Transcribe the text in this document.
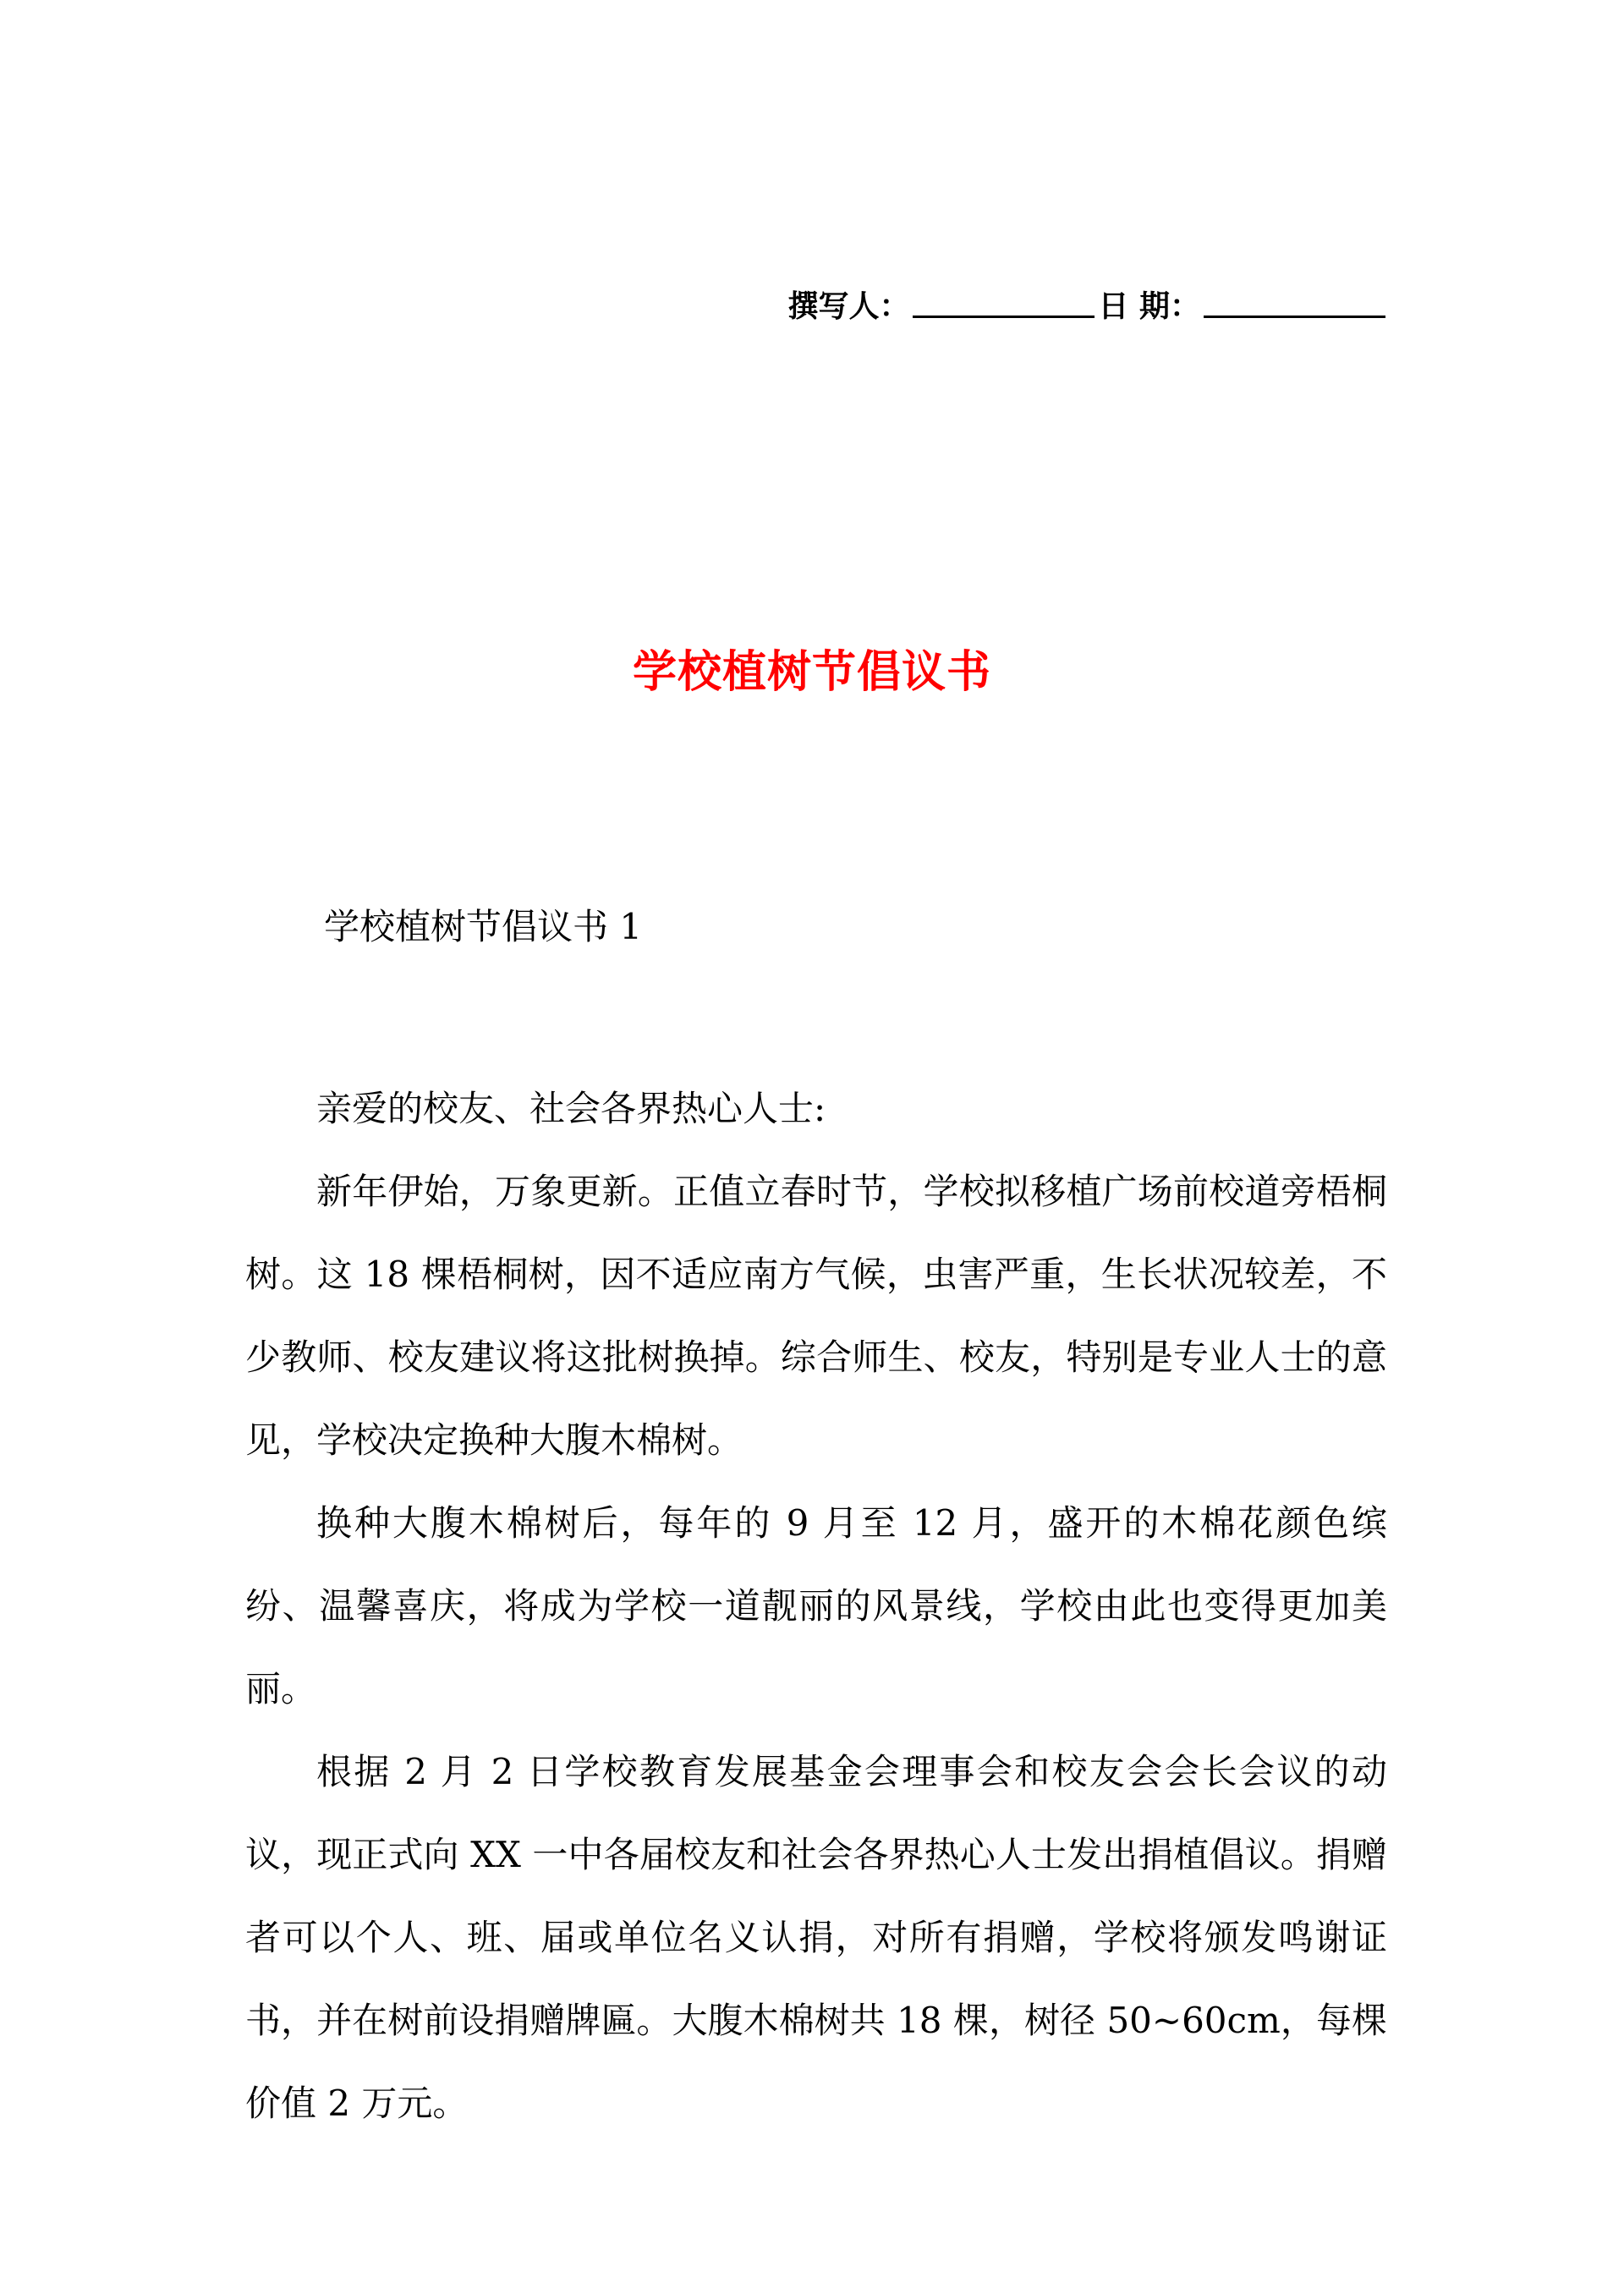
撰写人：	日 期：
学校植树节倡议书
学校植树节倡议书 1

亲爱的校友、社会各界热心人士:

新年伊始，万象更新。正值立春时节，学校拟移植广场前校道旁梧桐树。这 18 棵梧桐树，因不适应南方气候，虫害严重，生长状况较差，不少教师、校友建议将这批树换掉。综合师生、校友，特别是专业人士的意见，学校决定换种大腹木棉树。

换种大腹木棉树后，每年的 9 月至 12 月，盛开的木棉花颜色缤纷、温馨喜庆，将成为学校一道靓丽的风景线，学校由此也变得更加美丽。

根据 2 月 2 日学校教育发展基金会理事会和校友会会长会议的动议，现正式向 XX 一中各届校友和社会各界热心人士发出捐植倡议。捐赠者可以个人、班、届或单位名义认捐，对所有捐赠，学校将颁发鸣谢证书，并在树前设捐赠牌匾。大腹木棉树共 18 棵，树径 50~60cm，每棵价值 2 万元。
